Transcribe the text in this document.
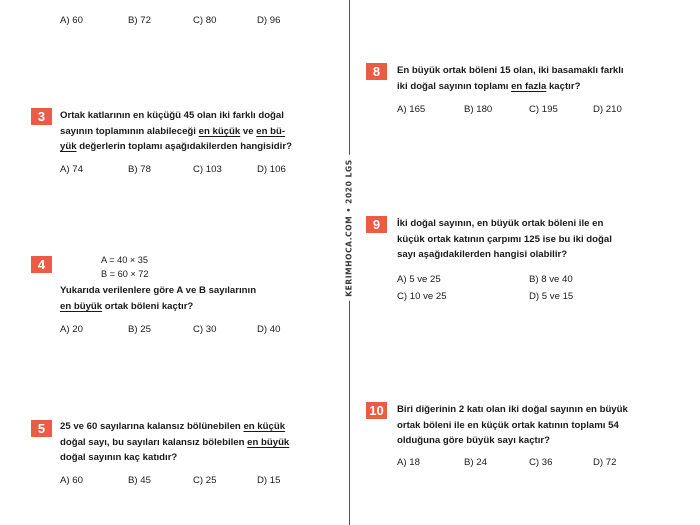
KERIMHOCA.COM • 2020 LGS
A) 60	B) 72	C) 80	D) 96
3	Ortak katlarının en küçüğü 45 olan iki farklı doğal
sayının toplamının alabileceği en küçük ve en bü-
yük değerlerin toplamı aşağıdakilerden hangisidir?
A) 74	B) 78	C) 103	D) 106
A = 40 × 35
B = 60 × 72
4
Yukarıda verilenlere göre A ve B sayılarının
en büyük ortak böleni kaçtır?
A) 20	B) 25	C) 30	D) 40
5	25 ve 60 sayılarına kalansız bölünebilen en küçük
doğal sayı, bu sayıları kalansız bölebilen en büyük
doğal sayının kaç katıdır?
A) 60	B) 45	C) 25	D) 15
8	En büyük ortak böleni 15 olan, iki basamaklı farklı
iki doğal sayının toplamı en fazla kaçtır?
A) 165	B) 180	C) 195	D) 210
9	İki doğal sayının, en büyük ortak böleni ile en
küçük ortak katının çarpımı 125 ise bu iki doğal
sayı aşağıdakilerden hangisi olabilir?
A) 5 ve 25	B) 8 ve 40
C) 10 ve 25	D) 5 ve 15
10	Biri diğerinin 2 katı olan iki doğal sayının en büyük
ortak böleni ile en küçük ortak katının toplamı 54
olduğuna göre büyük sayı kaçtır?
A) 18	B) 24	C) 36	D) 72
